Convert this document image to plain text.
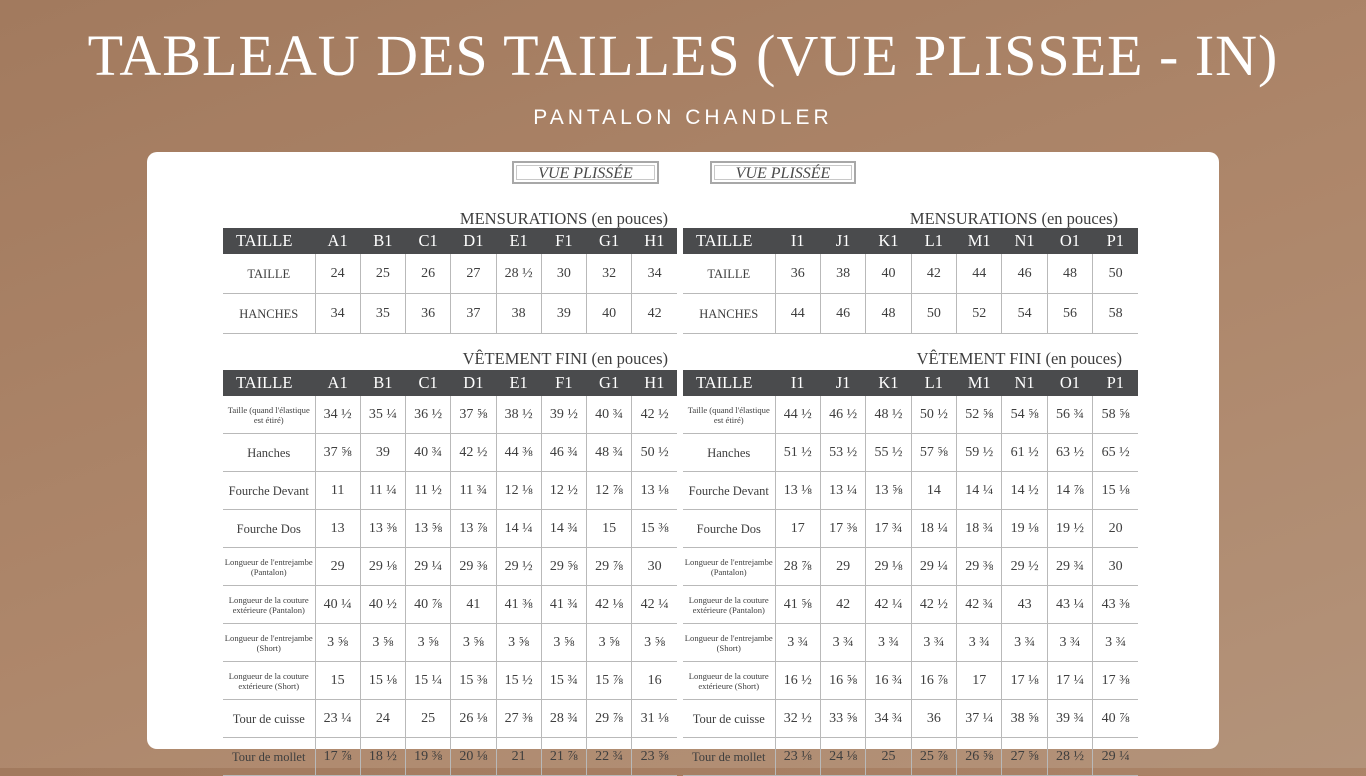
TABLEAU DES TAILLES (VUE PLISSEE - IN)
PANTALON CHANDLER
VUE PLISSÉE	VUE PLISSÉE
MENSURATIONS (en pouces)	MENSURATIONS (en pouces)
TAILLE	A1	B1	C1	D1	E1	F1	G1	H1
TAILLE	24	25	26	27	28 ½	30	32	34
HANCHES	34	35	36	37	38	39	40	42
TAILLE	I1	J1	K1	L1	M1	N1	O1	P1
TAILLE	36	38	40	42	44	46	48	50
HANCHES	44	46	48	50	52	54	56	58
VÊTEMENT FINI (en pouces)	VÊTEMENT FINI (en pouces)
TAILLE	A1	B1	C1	D1	E1	F1	G1	H1
Taille (quand l'élastique est étiré)	34 ½	35 ¼	36 ½	37 ⅝	38 ½	39 ½	40 ¾	42 ½
Hanches	37 ⅝	39	40 ¾	42 ½	44 ⅜	46 ¾	48 ¾	50 ½
Fourche Devant	11	11 ¼	11 ½	11 ¾	12 ⅛	12 ½	12 ⅞	13 ⅛
Fourche Dos	13	13 ⅜	13 ⅝	13 ⅞	14 ¼	14 ¾	15	15 ⅜
Longueur de l'entrejambe (Pantalon)	29	29 ⅛	29 ¼	29 ⅜	29 ½	29 ⅝	29 ⅞	30
Longueur de la couture extérieure (Pantalon)	40 ¼	40 ½	40 ⅞	41	41 ⅜	41 ¾	42 ⅛	42 ¼
Longueur de l'entrejambe (Short)	3 ⅝	3 ⅝	3 ⅝	3 ⅝	3 ⅝	3 ⅝	3 ⅝	3 ⅝
Longueur de la couture extérieure (Short)	15	15 ⅛	15 ¼	15 ⅜	15 ½	15 ¾	15 ⅞	16
Tour de cuisse	23 ¼	24	25	26 ⅛	27 ⅜	28 ¾	29 ⅞	31 ⅛
Tour de mollet	17 ⅞	18 ½	19 ⅜	20 ⅛	21	21 ⅞	22 ¾	23 ⅝
TAILLE	I1	J1	K1	L1	M1	N1	O1	P1
Taille (quand l'élastique est étiré)	44 ½	46 ½	48 ½	50 ½	52 ⅝	54 ⅝	56 ¾	58 ⅝
Hanches	51 ½	53 ½	55 ½	57 ⅝	59 ½	61 ½	63 ½	65 ½
Fourche Devant	13 ⅛	13 ¼	13 ⅝	14	14 ¼	14 ½	14 ⅞	15 ⅛
Fourche Dos	17	17 ⅜	17 ¾	18 ¼	18 ¾	19 ⅛	19 ½	20
Longueur de l'entrejambe (Pantalon)	28 ⅞	29	29 ⅛	29 ¼	29 ⅜	29 ½	29 ¾	30
Longueur de la couture extérieure (Pantalon)	41 ⅝	42	42 ¼	42 ½	42 ¾	43	43 ¼	43 ⅜
Longueur de l'entrejambe (Short)	3 ¾	3 ¾	3 ¾	3 ¾	3 ¾	3 ¾	3 ¾	3 ¾
Longueur de la couture extérieure (Short)	16 ½	16 ⅝	16 ¾	16 ⅞	17	17 ⅛	17 ¼	17 ⅜
Tour de cuisse	32 ½	33 ⅝	34 ¾	36	37 ¼	38 ⅝	39 ¾	40 ⅞
Tour de mollet	23 ⅛	24 ⅛	25	25 ⅞	26 ⅝	27 ⅝	28 ½	29 ¼
